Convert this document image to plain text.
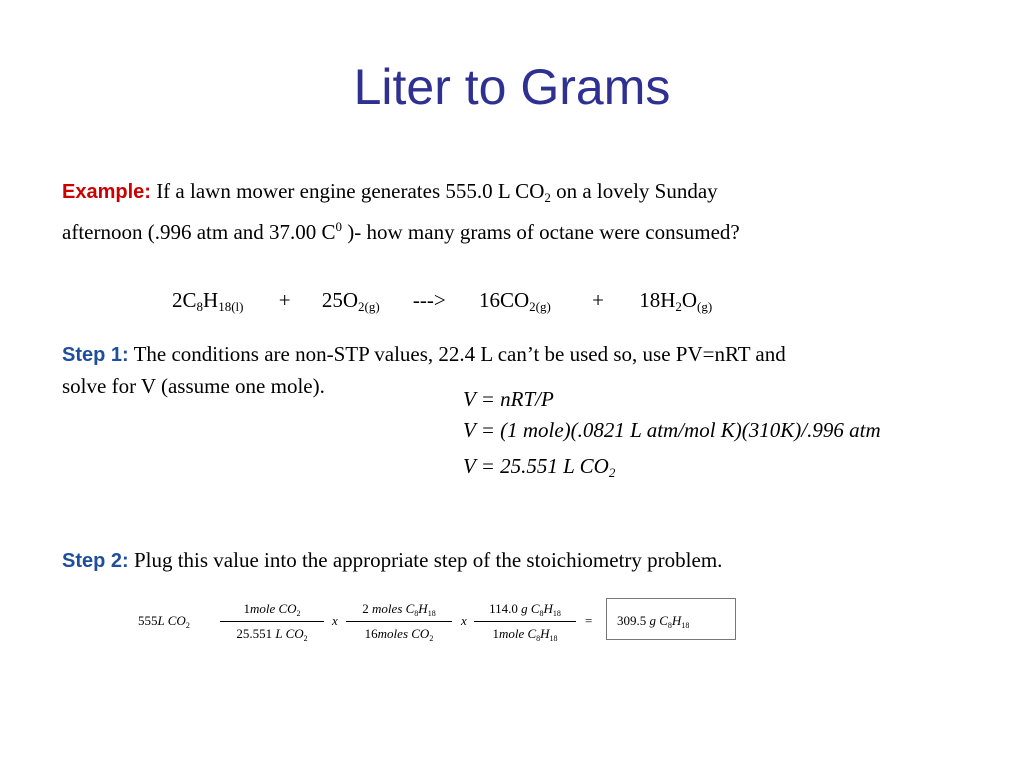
Liter to Grams
Example: If a lawn mower engine generates 555.0 L $CO_2$ on a lovely Sunday
afternoon (.996 atm and 37.00 $C^0$ )- how many grams of octane were consumed?
$2C_8H_{18(l)} + 25O_{2(g)}$ ---> $16CO_{2(g)} + 18H_2O_{(g)}$
Step 1: The conditions are non-STP values, 22.4 L can’t be used so, use PV=nRT and
solve for V (assume one mole).
V = nRT/P
V = (1 mole)(.0821 L atm/mol K)(310K)/.996 atm
V = 25.551 L $CO_2$
Step 2: Plug this value into the appropriate step of the stoichiometry problem.
555L $CO_2$
1mole $CO_2$
25.551 L $CO_2$
x
2 moles $C_8H_{18}$
16moles $CO_2$
x
114.0 g $C_8H_{18}$
1mole $C_8H_{18}$
= 309.5 g $C_8H_{18}$
